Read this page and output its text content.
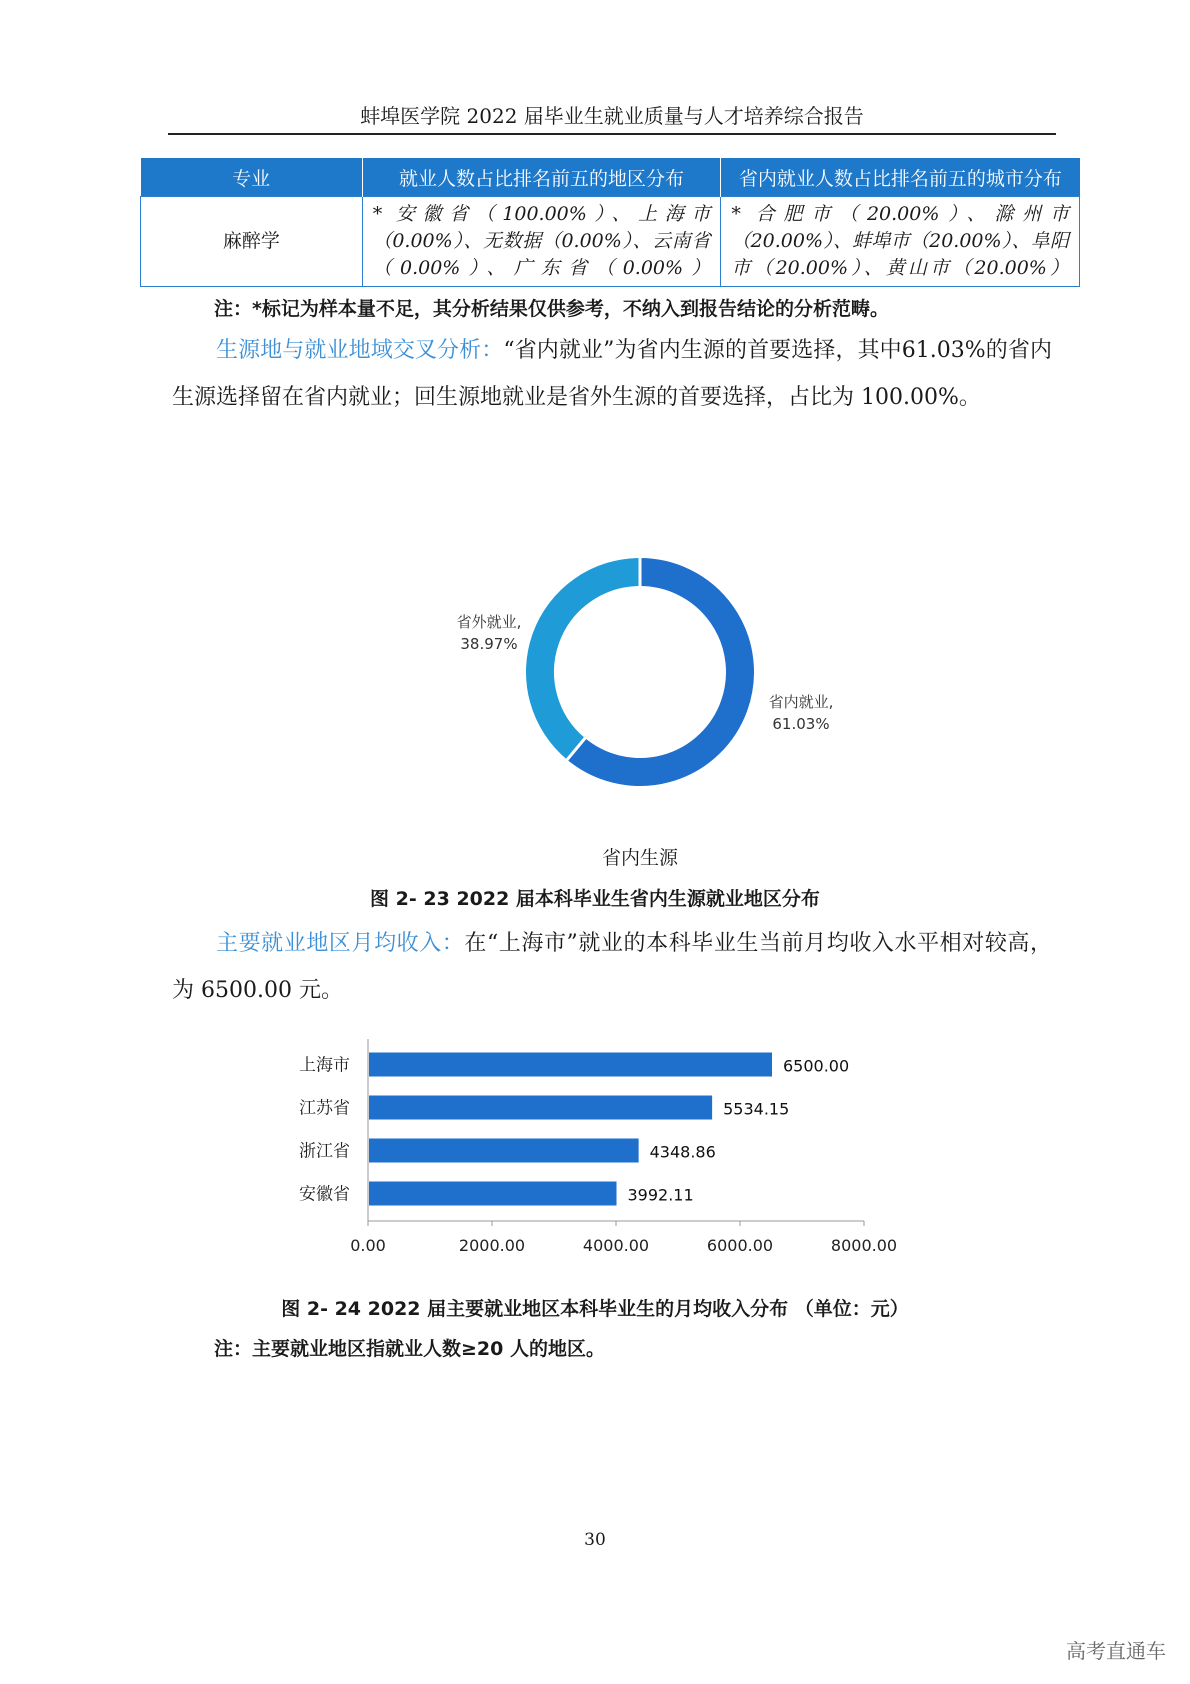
蚌埠医学院 2022 届毕业生就业质量与人才培养综合报告
专业	就业人数占比排名前五的地区分布	省内就业人数占比排名前五的城市分布
麻醉学	* 安徽省（100.00%）、上海市（0.00%）、无数据（0.00%）、云南省（0.00%）、广东省（0.00%）	* 合肥市（20.00%）、滁州市（20.00%）、蚌埠市（20.00%）、阜阳市（20.00%）、黄山市（20.00%）
注：*标记为样本量不足，其分析结果仅供参考，不纳入到报告结论的分析范畴。
生源地与就业地域交叉分析：“省内就业”为省内生源的首要选择，其中61.03%的省内生源选择留在省内就业；回生源地就业是省外生源的首要选择，占比为 100.00%。
省外就业,
38.97%
省内就业,
61.03%
省内生源
图 2- 23 2022 届本科毕业生省内生源就业地区分布
主要就业地区月均收入：在“上海市”就业的本科毕业生当前月均收入水平相对较高，为 6500.00 元。
0.00	2000.00	4000.00	6000.00	8000.00
上海市	6500.00
江苏省	5534.15
浙江省	4348.86
安徽省	3992.11
图 2- 24 2022 届主要就业地区本科毕业生的月均收入分布 （单位：元）
注：主要就业地区指就业人数≥20 人的地区。
30
高考直通车
